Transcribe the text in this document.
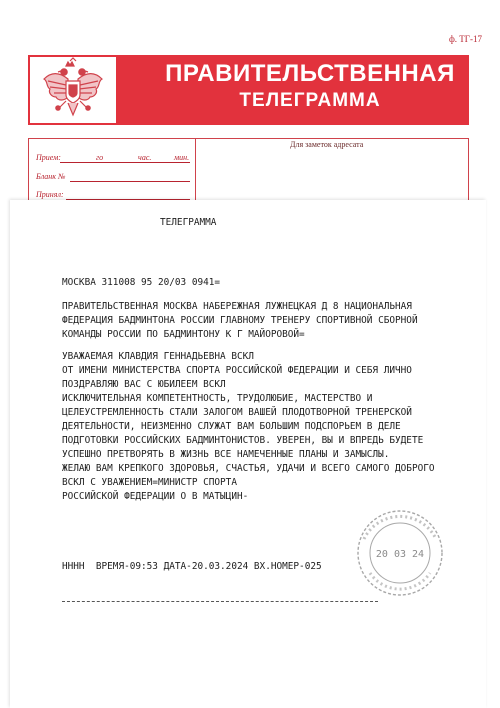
ф. ТГ-17
ПРАВИТЕЛЬСТВЕННАЯ
ТЕЛЕГРАММА
Для заметок адресата
Прием:	го	час.	мин.
Бланк №
Принял:
ТЕЛЕГРАММА
МОСКВА 311008 95 20/03 0941=
ПРАВИТЕЛЬСТВЕННАЯ МОСКВА НАБЕРЕЖНАЯ ЛУЖНЕЦКАЯ Д 8 НАЦИОНАЛЬНАЯ
ФЕДЕРАЦИЯ БАДМИНТОНА РОССИИ ГЛАВНОМУ ТРЕНЕРУ СПОРТИВНОЙ СБОРНОЙ
КОМАНДЫ РОССИИ ПО БАДМИНТОНУ К Г МАЙОРОВОЙ=
УВАЖАЕМАЯ КЛАВДИЯ ГЕННАДЬЕВНА ВСКЛ
ОТ ИМЕНИ МИНИСТЕРСТВА СПОРТА РОССИЙСКОЙ ФЕДЕРАЦИИ И СЕБЯ ЛИЧНО
ПОЗДРАВЛЯЮ ВАС С ЮБИЛЕЕМ ВСКЛ
ИСКЛЮЧИТЕЛЬНАЯ КОМПЕТЕНТНОСТЬ, ТРУДОЛЮБИЕ, МАСТЕРСТВО И
ЦЕЛЕУСТРЕМЛЕННОСТЬ СТАЛИ ЗАЛОГОМ ВАШЕЙ ПЛОДОТВОРНОЙ ТРЕНЕРСКОЙ
ДЕЯТЕЛЬНОСТИ, НЕИЗМЕННО СЛУЖАТ ВАМ БОЛЬШИМ ПОДСПОРЬЕМ В ДЕЛЕ
ПОДГОТОВКИ РОССИЙСКИХ БАДМИНТОНИСТОВ. УВЕРЕН, ВЫ И ВПРЕДЬ БУДЕТЕ
УСПЕШНО ПРЕТВОРЯТЬ В ЖИЗНЬ ВСЕ НАМЕЧЕННЫЕ ПЛАНЫ И ЗАМЫСЛЫ.
ЖЕЛАЮ ВАМ КРЕПКОГО ЗДОРОВЬЯ, СЧАСТЬЯ, УДАЧИ И ВСЕГО САМОГО ДОБРОГО
ВСКЛ С УВАЖЕНИЕМ=МИНИСТР СПОРТА
РОССИЙСКОЙ ФЕДЕРАЦИИ О В МАТЫЦИН-
20 03 24
НННН  ВРЕМЯ-09:53 ДАТА-20.03.2024 ВХ.НОМЕР-025
